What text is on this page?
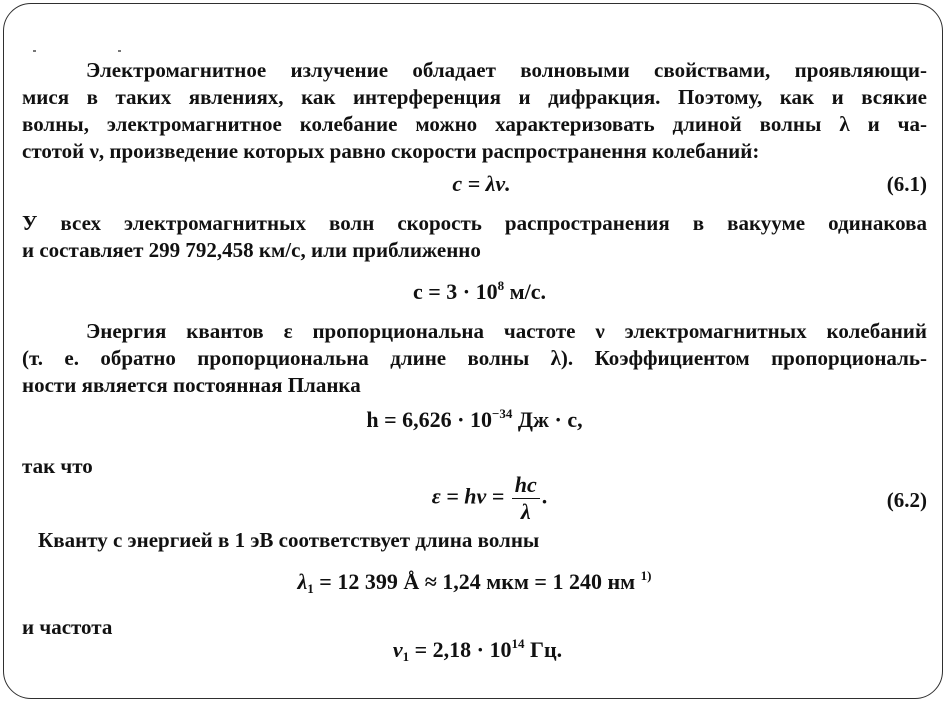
Электромагнитное излучение обладает волновыми свойствами, проявляющи-
мися в таких явлениях, как интерференция и дифракция. Поэтому, как и всякие
волны, электромагнитное колебание можно характеризовать длиной волны λ и ча-
стотой ν, произведение которых равно скорости распространення колебаний:
c = λν.	(6.1)
У всех электромагнитных волн скорость распространения в вакууме одинакова
и составляет 299 792,458 км/с, или приближенно
$c = 3 \cdot 10^8$ м/с.
Энергия квантов ε пропорциональна частоте ν электромагнитных колебаний
(т. е. обратно пропорциональна длине волны λ). Коэффициентом пропорциональ-
ности является постоянная Планка
$h = 6,626 \cdot 10^{-34}$ Дж · с,
так что
$\varepsilon = h\nu = \frac{hc}{\lambda}$ .	(6.2)
Кванту с энергией в 1 эВ соответствует длина волны
$\lambda_1 = 12$ 399 Å ≈ 1,24 мкм = 1 240 нм $^{1)}$
и частота
$\nu_1 = 2,18 \cdot 10^{14}$ Гц.
